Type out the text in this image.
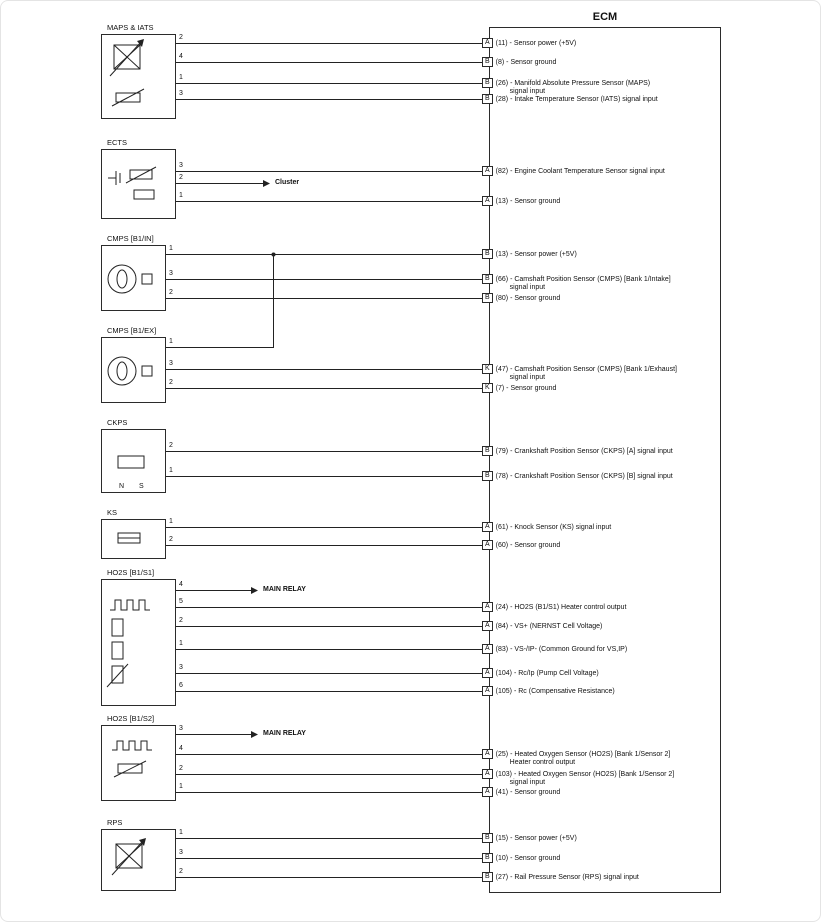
ECM
A (11) - Sensor power (+5V)
B (8) - Sensor ground
B (26) - Manifold Absolute Pressure Sensor (MAPS)
signal input
B (28) - Intake Temperature Sensor (IATS) signal input
A (82) - Engine Coolant Temperature Sensor signal input
A (13) - Sensor ground
B (13) - Sensor power (+5V)
B (66) - Camshaft Position Sensor (CMPS) [Bank 1/Intake]
signal input
B (80) - Sensor ground
K (47) - Camshaft Position Sensor (CMPS) [Bank 1/Exhaust]
signal input
K (7) - Sensor ground
B (79) - Crankshaft Position Sensor (CKPS) [A] signal input
B (78) - Crankshaft Position Sensor (CKPS) [B] signal input
A (61) - Knock Sensor (KS) signal input
A (60) - Sensor ground
A (24) - HO2S (B1/S1) Heater control output
A (84) - VS+ (NERNST Cell Voltage)
A (83) - VS-/IP- (Common Ground for VS,IP)
A (104) - Rc/Ip (Pump Cell Voltage)
A (105) - Rc (Compensative Resistance)
A (25) - Heated Oxygen Sensor (HO2S) [Bank 1/Sensor 2]
Heater control output
A (103) - Heated Oxygen Sensor (HO2S) [Bank 1/Sensor 2]
signal input
A (41) - Sensor ground
B (15) - Sensor power (+5V)
B (10) - Sensor ground
B (27) - Rail Pressure Sensor (RPS) signal input
MAPS & IATS
2
4
1
3
ECTS
3
2
Cluster
1
CMPS [B1/IN]
1
3
2
CMPS [B1/EX]
1
3
2
CKPS
N S
2
1
KS
1
2
HO2S [B1/S1]
4
MAIN RELAY
5
2
1
3
6
HO2S [B1/S2]
3
MAIN RELAY
4
2
1
RPS
1
3
2
